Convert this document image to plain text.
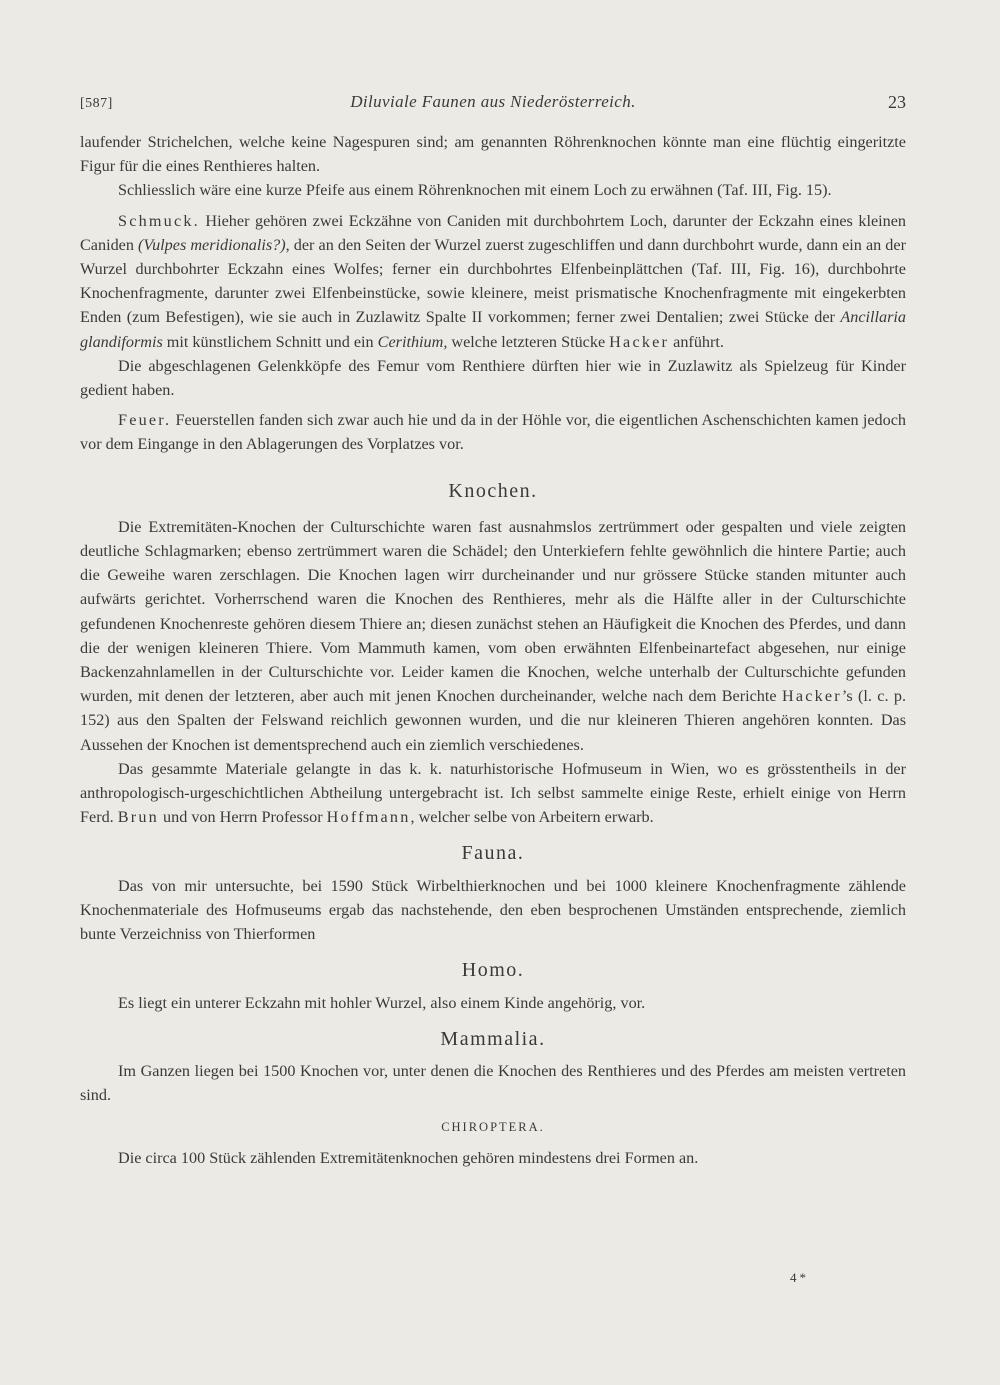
[587]	Diluviale Faunen aus Niederösterreich.	23

laufender Strichelchen, welche keine Nagespuren sind; am genannten Röhrenknochen könnte man eine flüchtig eingeritzte Figur für die eines Renthieres halten.

Schliesslich wäre eine kurze Pfeife aus einem Röhrenknochen mit einem Loch zu erwähnen (Taf. III, Fig. 15).

Schmuck. Hieher gehören zwei Eckzähne von Caniden mit durchbohrtem Loch, darunter der Eckzahn eines kleinen Caniden (Vulpes meridionalis?), der an den Seiten der Wurzel zuerst zugeschliffen und dann durchbohrt wurde, dann ein an der Wurzel durchbohrter Eckzahn eines Wolfes; ferner ein durchbohrtes Elfenbeinplättchen (Taf. III, Fig. 16), durchbohrte Knochenfragmente, darunter zwei Elfenbeinstücke, sowie kleinere, meist prismatische Knochenfragmente mit eingekerbten Enden (zum Befestigen), wie sie auch in Zuzlawitz Spalte II vorkommen; ferner zwei Dentalien; zwei Stücke der Ancillaria glandiformis mit künstlichem Schnitt und ein Cerithium, welche letzteren Stücke Hacker anführt.

Die abgeschlagenen Gelenkköpfe des Femur vom Renthiere dürften hier wie in Zuzlawitz als Spielzeug für Kinder gedient haben.

Feuer. Feuerstellen fanden sich zwar auch hie und da in der Höhle vor, die eigentlichen Aschenschichten kamen jedoch vor dem Eingange in den Ablagerungen des Vorplatzes vor.

Knochen.

Die Extremitäten-Knochen der Culturschichte waren fast ausnahmslos zertrümmert oder gespalten und viele zeigten deutliche Schlagmarken; ebenso zertrümmert waren die Schädel; den Unterkiefern fehlte gewöhnlich die hintere Partie; auch die Geweihe waren zerschlagen. Die Knochen lagen wirr durcheinander und nur grössere Stücke standen mitunter auch aufwärts gerichtet. Vorherrschend waren die Knochen des Renthieres, mehr als die Hälfte aller in der Culturschichte gefundenen Knochenreste gehören diesem Thiere an; diesen zunächst stehen an Häufigkeit die Knochen des Pferdes, und dann die der wenigen kleineren Thiere. Vom Mammuth kamen, vom oben erwähnten Elfenbeinartefact abgesehen, nur einige Backenzahnlamellen in der Culturschichte vor. Leider kamen die Knochen, welche unterhalb der Culturschichte gefunden wurden, mit denen der letzteren, aber auch mit jenen Knochen durcheinander, welche nach dem Berichte Hacker’s (l. c. p. 152) aus den Spalten der Felswand reichlich gewonnen wurden, und die nur kleineren Thieren angehören konnten. Das Aussehen der Knochen ist dementsprechend auch ein ziemlich verschiedenes.

Das gesammte Materiale gelangte in das k. k. naturhistorische Hofmuseum in Wien, wo es grösstentheils in der anthropologisch-urgeschichtlichen Abtheilung untergebracht ist. Ich selbst sammelte einige Reste, erhielt einige von Herrn Ferd. Brun und von Herrn Professor Hoffmann, welcher selbe von Arbeitern erwarb.

Fauna.

Das von mir untersuchte, bei 1590 Stück Wirbelthierknochen und bei 1000 kleinere Knochenfragmente zählende Knochenmateriale des Hofmuseums ergab das nachstehende, den eben besprochenen Umständen entsprechende, ziemlich bunte Verzeichniss von Thierformen

Homo.

Es liegt ein unterer Eckzahn mit hohler Wurzel, also einem Kinde angehörig, vor.

Mammalia.

Im Ganzen liegen bei 1500 Knochen vor, unter denen die Knochen des Renthieres und des Pferdes am meisten vertreten sind.

CHIROPTERA.

Die circa 100 Stück zählenden Extremitätenknochen gehören mindestens drei Formen an.

4*
